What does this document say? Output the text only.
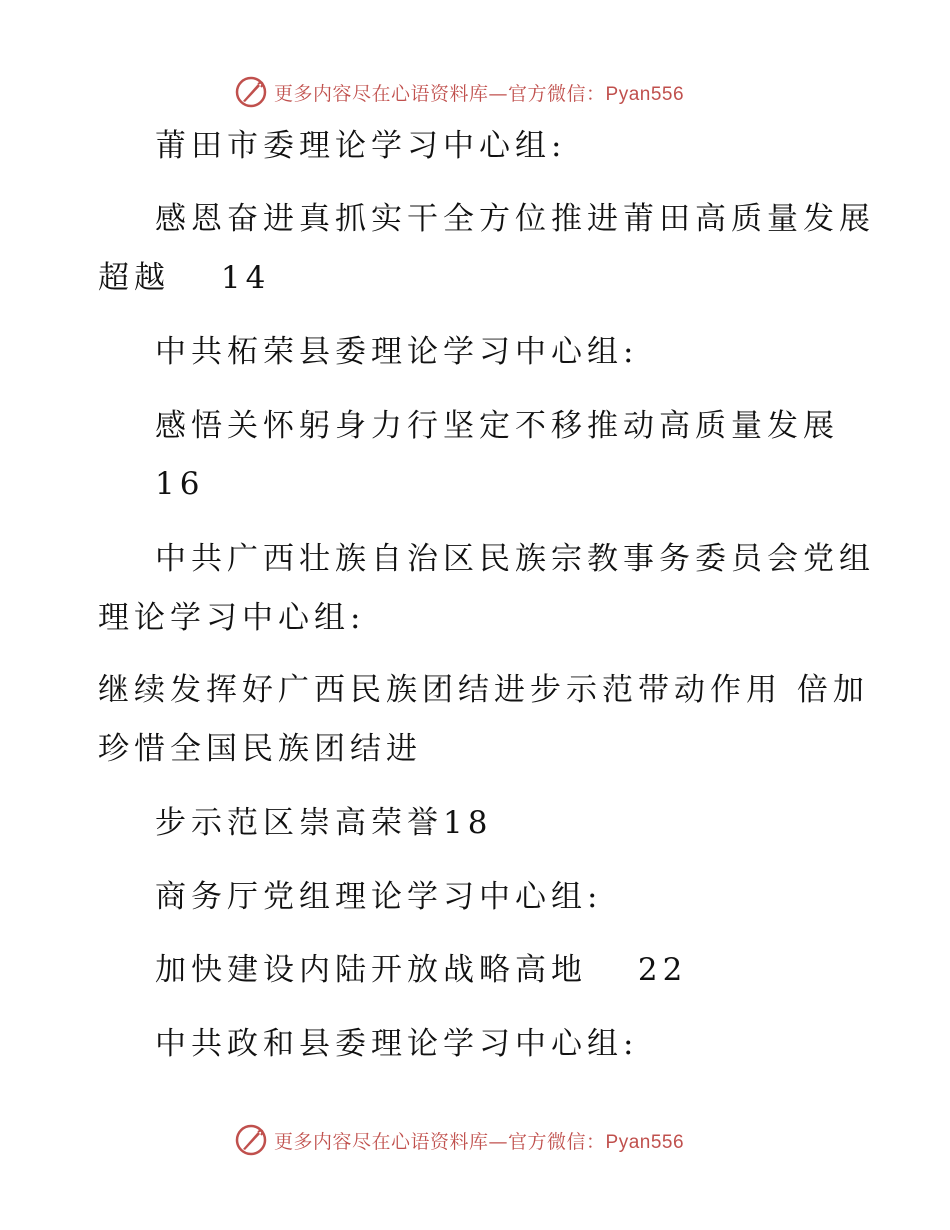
更多内容尽在心语资料库—官方微信：Pyan556
莆田市委理论学习中心组:
感恩奋进真抓实干全方位推进莆田高质量发展
超越　 14
中共柘荣县委理论学习中心组:
感悟关怀躬身力行坚定不移推动高质量发展
16
中共广西壮族自治区民族宗教事务委员会党组
理论学习中心组:
继续发挥好广西民族团结进步示范带动作用 倍加
珍惜全国民族团结进
步示范区崇高荣誉18
商务厅党组理论学习中心组:
加快建设内陆开放战略高地　 22
中共政和县委理论学习中心组:
更多内容尽在心语资料库—官方微信：Pyan556
